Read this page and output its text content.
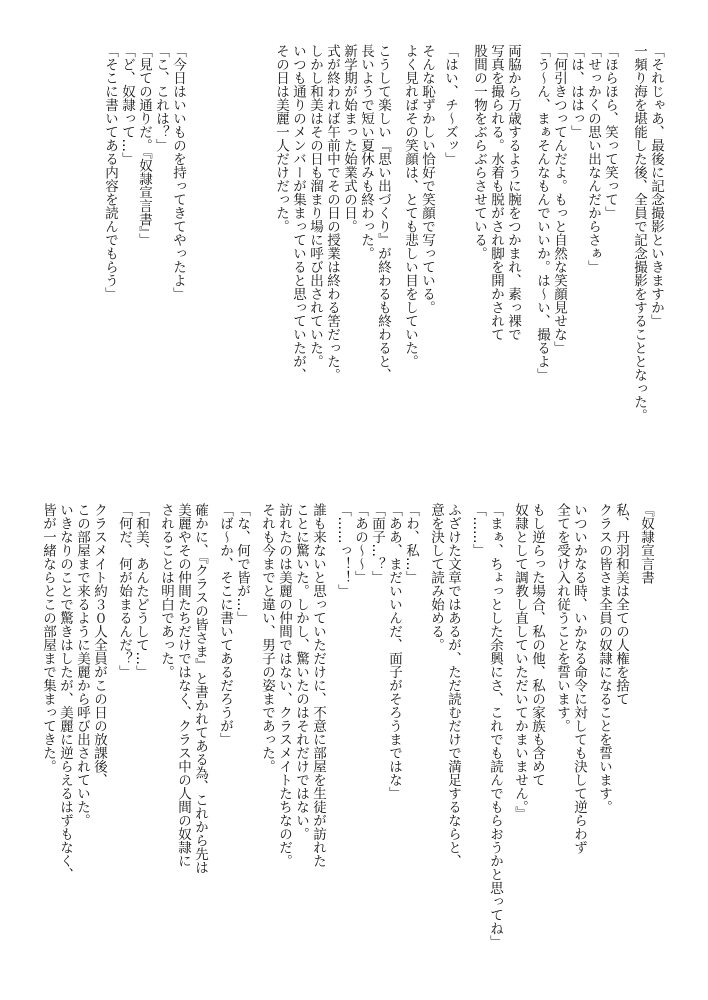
「それじゃあ、最後に記念撮影といきますか」
一頻り海を堪能した後、全員で記念撮影をすることとなった。
「ほらほら、笑って笑って」
「せっかくの思い出なんだからさぁ」
「は、ははっ」
「何引きつってんだよ。もっと自然な笑顔見せな」
「う～ん、まぁそんなもんでいいか。は～い、撮るよ」
両脇から万歳するように腕をつかまれ、素っ裸で
写真を撮られる。水着も脱がされ脚を開かされて
股間の一物をぶらぶらさせている。
「はい、チ～ズッ」
そんな恥ずかしい恰好で笑顔で写っている。
よく見ればその笑顔は、とても悲しい目をしていた。
こうして楽しい『思い出づくり』が終わるも終わると、
長いようで短い夏休みも終わった。
新学期が始まった始業式の日。
式が終われば午前中でその日の授業は終わる筈だった。
しかし和美はその日も溜まり場に呼び出されていた。
いつも通りのメンバーが集まっていると思っていたが、
その日は美麗一人だけだった。
「今日はいいものを持ってきてやったよ」
「こ、これは？」
「見ての通りだ。『奴隷宣言書』」
「ど、奴隷って…」
「そこに書いてある内容を読んでもらう」
『奴隷宣言書
私、丹羽和美は全ての人権を捨て
クラスの皆さま全員の奴隷になることを誓います。
いついかなる時、いかなる命令に対しても決して逆らわず
全てを受け入れ従うことを誓います。
もし逆らった場合、私の他、私の家族も含めて
奴隷として調教し直していただいてかまいません。』
「まぁ、ちょっとした余興にさ、これでも読んでもらおうかと思ってね」
「……」
ふざけた文章ではあるが、ただ読むだけで満足するならと、
意を決して読み始める。
「わ、私…」
「ああ、まだいいんだ、面子がそろうまではな」
「面子…？」
「あの～～」
「……っ！！」
誰も来ないと思っていただけに、不意に部屋を生徒が訪れた
ことに驚いた。しかし、驚いたのはそれだけではない。
訪れたのは美麗の仲間ではない、クラスメイトたちなのだ。
それも今までと違い、男子の姿まであった。
「な、何で皆が…」
「ば～か、そこに書いてあるだろうが」
確かに、『クラスの皆さま』と書かれてある為、これから先は
美麗やその仲間たちだけではなく、クラス中の人間の奴隷に
されることは明白であった。
「和美、あんたどうして…」
「何だ、何が始まるんだ？」
クラスメイト約３０人全員がこの日の放課後、
この部屋まで来るように美麗から呼び出されていた。
いきなりのことで驚きはしたが、美麗に逆らえるはずもなく、
皆が一緒ならとこの部屋まで集まってきた。
